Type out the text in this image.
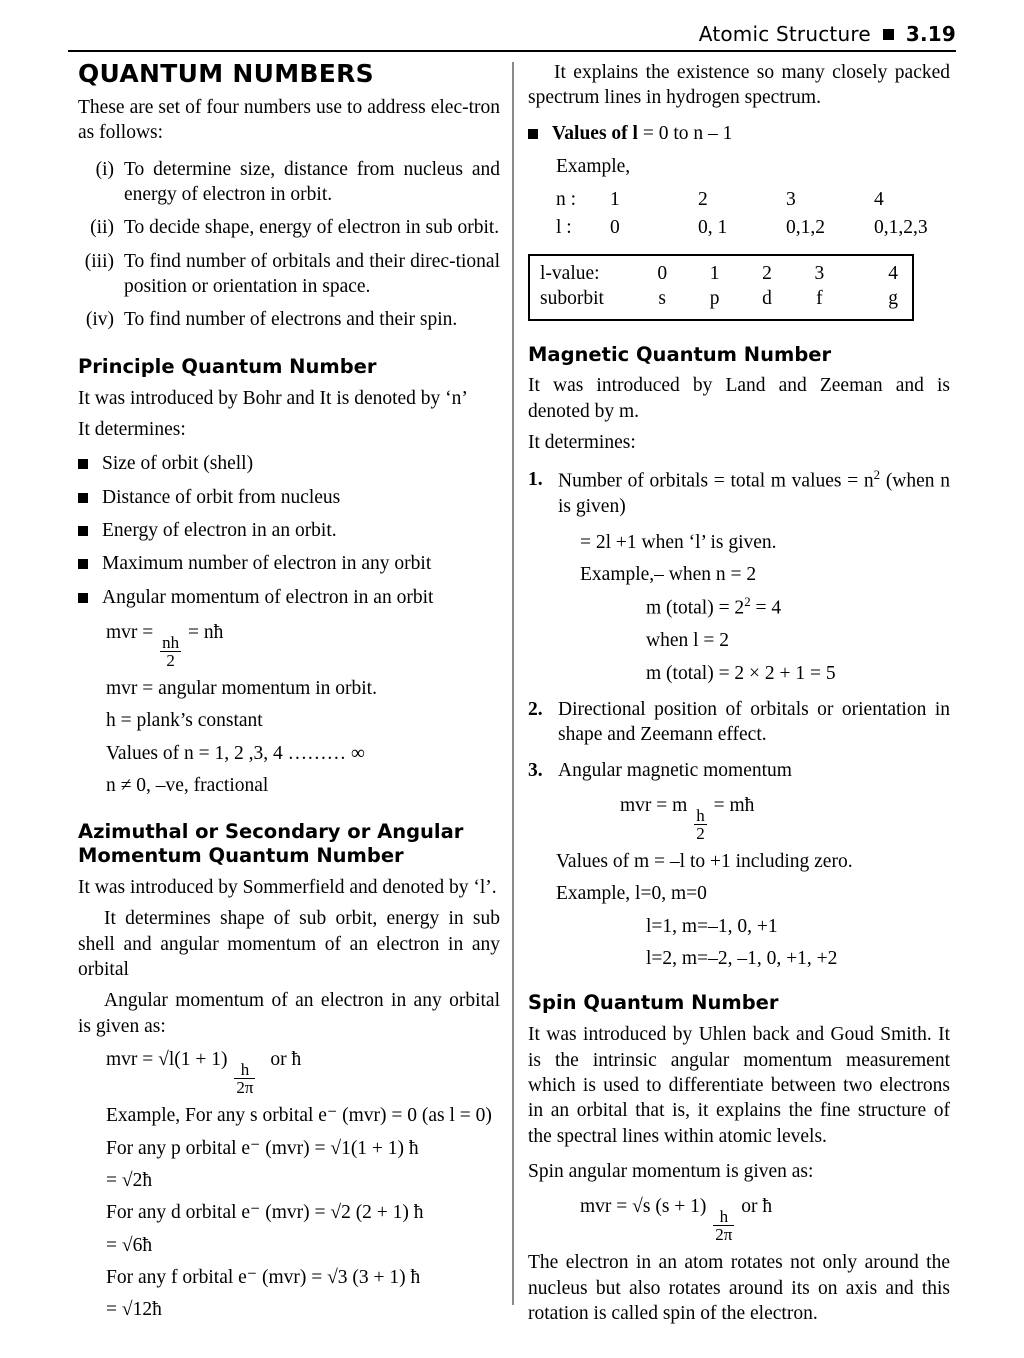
Atomic Structure 3.19
QUANTUM NUMBERS

These are set of four numbers use to address elec-tron as follows:

(i) To determine size, distance from nucleus and energy of electron in orbit.
(ii) To decide shape, energy of electron in sub orbit.
(iii) To find number of orbitals and their direc-tional position or orientation in space.
(iv) To find number of electrons and their spin.
Principle Quantum Number

It was introduced by Bohr and It is denoted by ‘n’

It determines:

Size of orbit (shell)
Distance of orbit from nucleus
Energy of electron in an orbit.
Maximum number of electron in any orbit
Angular momentum of electron in an orbit
mvr =
$\frac{nh}{2}$
= nħ
mvr = angular momentum in orbit.
h = plank’s constant
Values of n = 1, 2 ,3, 4 ……… ∞
n ≠ 0, –ve, fractional
Azimuthal or Secondary or Angular Momentum Quantum Number

It was introduced by Sommerfield and denoted by ‘l’.

It determines shape of sub orbit, energy in sub shell and angular momentum of an electron in any orbital

Angular momentum of an electron in any orbital is given as:

mvr = √l(1 + 1)
$\frac{h}{2\pi}$
or ħ
Example, For any s orbital e⁻ (mvr) = 0 (as l = 0)
For any p orbital e⁻ (mvr) = √1(1 + 1) ħ
= √2ħ
For any d orbital e⁻ (mvr) = √2 (2 + 1) ħ
= √6ħ
For any f orbital e⁻ (mvr) = √3 (3 + 1) ħ
= √12ħ

It explains the existence so many closely packed spectrum lines in hydrogen spectrum.

Values of l = 0 to n – 1
Example,
n :	1	2	3	4
l :	0	0, 1	0,1,2	0,1,2,3
l-value:	0	1	2	3	4
suborbit	s	p	d	f	g
Magnetic Quantum Number

It was introduced by Land and Zeeman and is denoted by m.

It determines:

1. Number of orbitals = total m values = $n^2$ (when n is given)
= 2l +1 when ‘l’ is given.
Example,– when n = 2
m (total) = $2^2 = 4$
when l = 2
m (total) = 2 × 2 + 1 = 5
2. Directional position of orbitals or orientation in shape and Zeemann effect.
3. Angular magnetic momentum
mvr = m
$\frac{h}{2}$
= mħ
Values of m = –l to +1 including zero.
Example, l=0, m=0
l=1, m=–1, 0, +1
l=2, m=–2, –1, 0, +1, +2
Spin Quantum Number

It was introduced by Uhlen back and Goud Smith. It is the intrinsic angular momentum measurement which is used to differentiate between two electrons in an orbital that is, it explains the fine structure of the spectral lines within atomic levels.

Spin angular momentum is given as:

mvr = √s (s + 1)
$\frac{h}{2\pi}$
or ħ

The electron in an atom rotates not only around the nucleus but also rotates around its on axis and this rotation is called spin of the electron.
